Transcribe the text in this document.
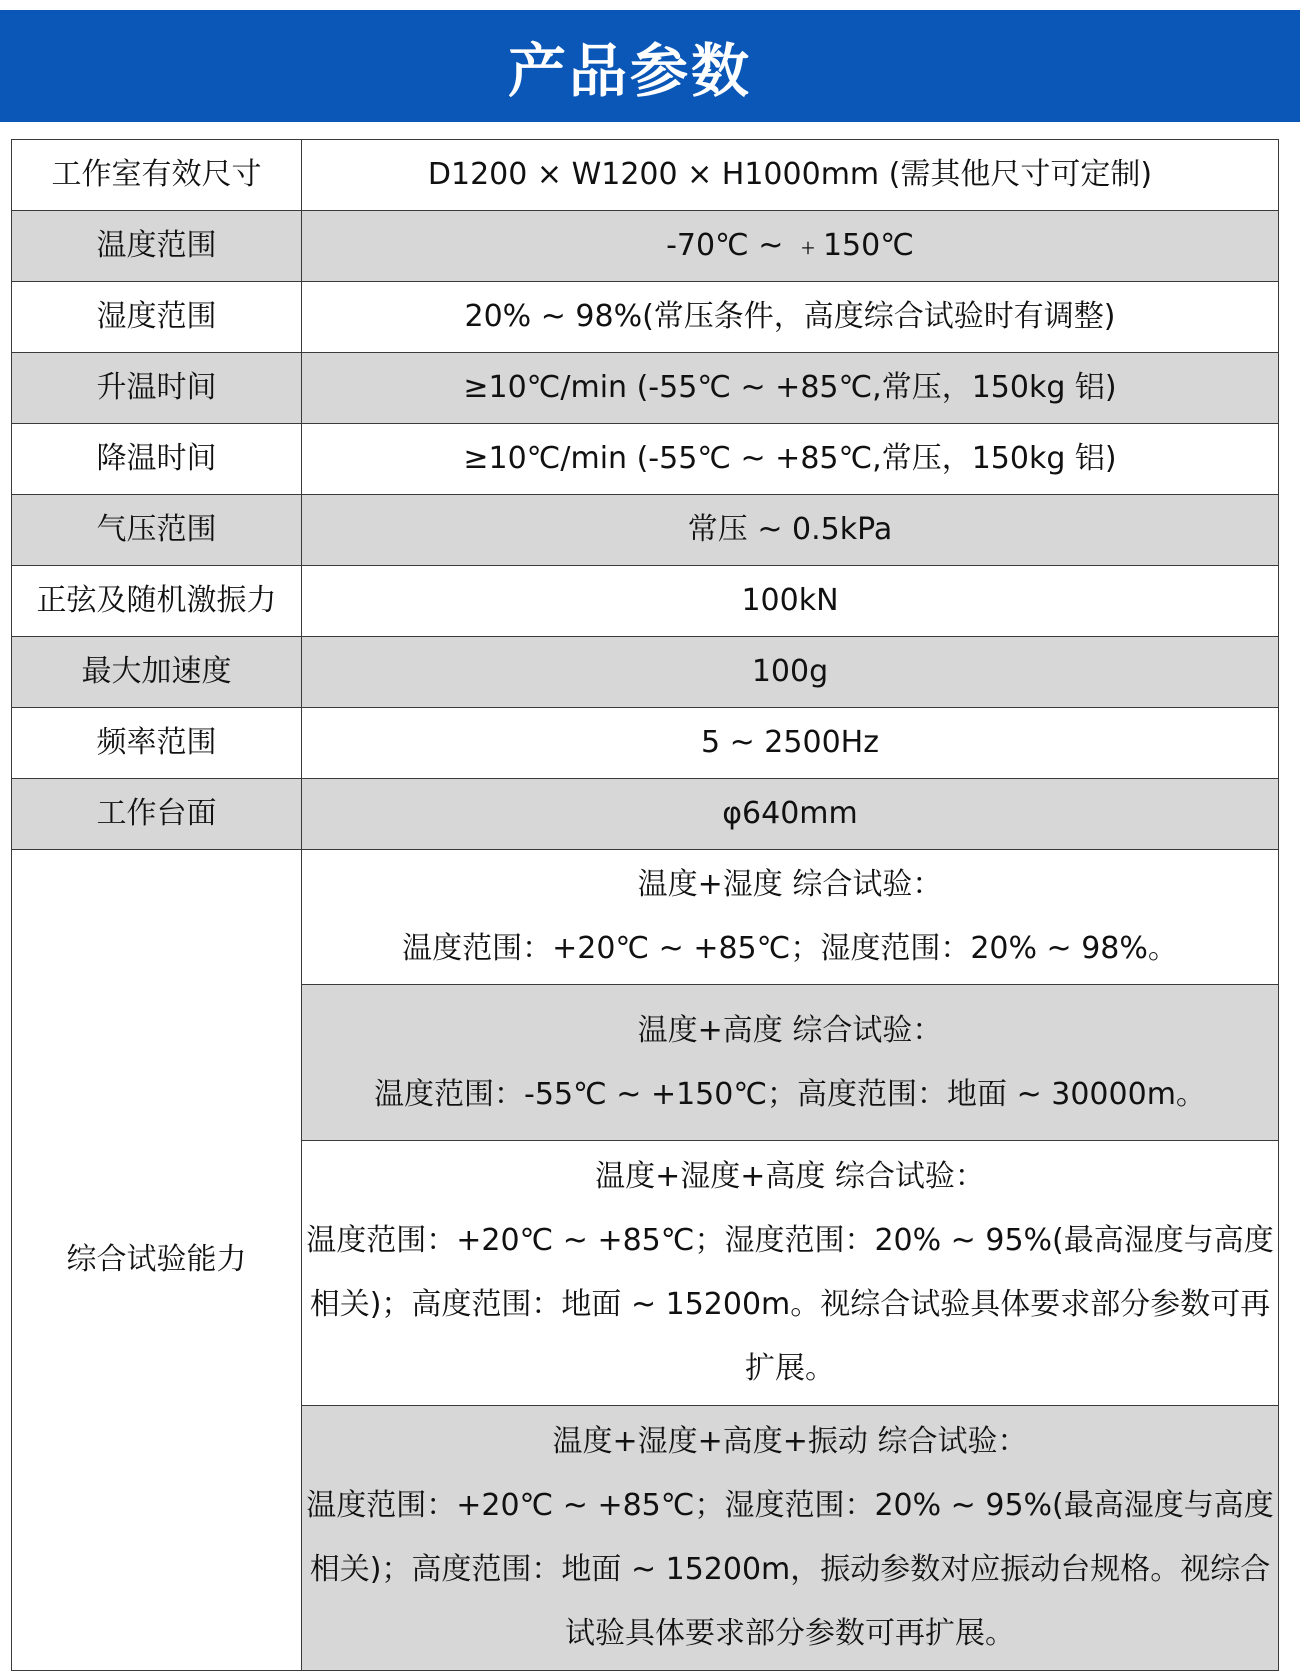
产品参数
工作室有效尺寸	D1200 × W1200 × H1000mm (需其他尺寸可定制)
温度范围	-70℃ ~ ﹢150℃
湿度范围	20% ~ 98%(常压条件，高度综合试验时有调整)
升温时间	≥10℃/min (-55℃ ~ +85℃,常压，150kg 铝)
降温时间	≥10℃/min (-55℃ ~ +85℃,常压，150kg 铝)
气压范围	常压 ~ 0.5kPa
正弦及随机激振力	100kN
最大加速度	100g
频率范围	5 ~ 2500Hz
工作台面	φ640mm
综合试验能力	温度+湿度 综合试验：
温度范围：+20℃ ~ +85℃；湿度范围：20% ~ 98%。

	温度+高度 综合试验：
温度范围：-55℃ ~ +150℃；高度范围：地面 ~ 30000m。

	温度+湿度+高度 综合试验：
温度范围：+20℃ ~ +85℃；湿度范围：20% ~ 95%(最高湿度与高度相关)；高度范围：地面 ~ 15200m。视综合试验具体要求部分参数可再扩展。

	温度+湿度+高度+振动 综合试验：
温度范围：+20℃ ~ +85℃；湿度范围：20% ~ 95%(最高湿度与高度相关)；高度范围：地面 ~ 15200m，振动参数对应振动台规格。视综合试验具体要求部分参数可再扩展。
